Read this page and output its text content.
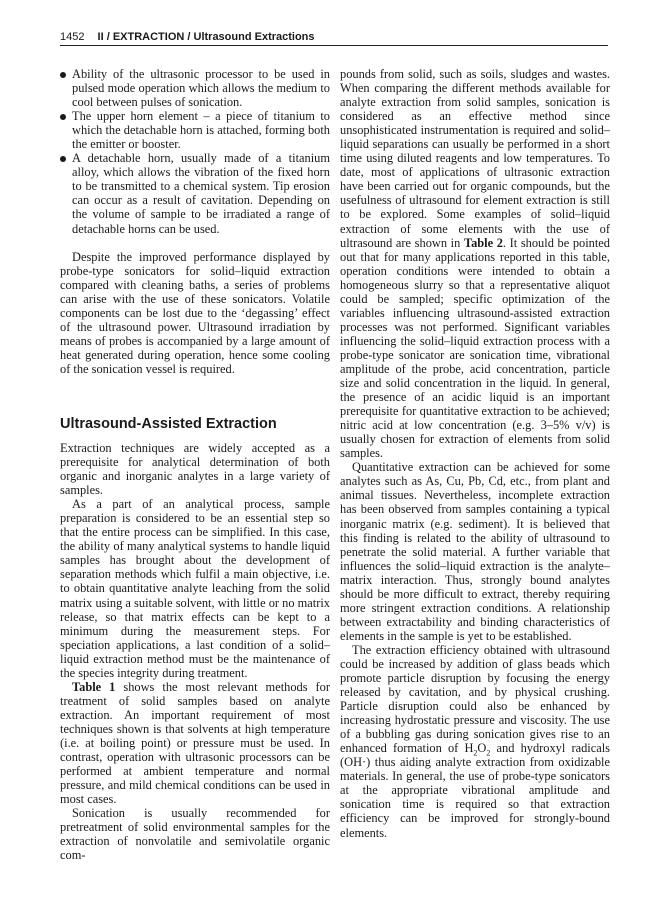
1452 II / EXTRACTION / Ultrasound Extractions
Ability of the ultrasonic processor to be used in pulsed mode operation which allows the medium to cool between pulses of sonication.
The upper horn element – a piece of titanium to which the detachable horn is attached, forming both the emitter or booster.
A detachable horn, usually made of a titanium alloy, which allows the vibration of the fixed horn to be transmitted to a chemical system. Tip erosion can occur as a result of cavitation. Depending on the volume of sample to be irradiated a range of detachable horns can be used.

Despite the improved performance displayed by probe-type sonicators for solid–liquid extraction compared with cleaning baths, a series of problems can arise with the use of these sonicators. Volatile components can be lost due to the ‘degassing’ effect of the ultrasound power. Ultrasound irradiation by means of probes is accompanied by a large amount of heat generated during operation, hence some cooling of the sonication vessel is required.

Ultrasound-Assisted Extraction

Extraction techniques are widely accepted as a prerequisite for analytical determination of both organic and inorganic analytes in a large variety of samples.

As a part of an analytical process, sample preparation is considered to be an essential step so that the entire process can be simplified. In this case, the ability of many analytical systems to handle liquid samples has brought about the development of separation methods which fulfil a main objective, i.e. to obtain quantitative analyte leaching from the solid matrix using a suitable solvent, with little or no matrix release, so that matrix effects can be kept to a minimum during the measurement steps. For speciation applications, a last condition of a solid–liquid extraction method must be the maintenance of the species integrity during treatment.

Table 1 shows the most relevant methods for treatment of solid samples based on analyte extraction. An important requirement of most techniques shown is that solvents at high temperature (i.e. at boiling point) or pressure must be used. In contrast, operation with ultrasonic processors can be performed at ambient temperature and normal pressure, and mild chemical conditions can be used in most cases.

Sonication is usually recommended for pretreatment of solid environmental samples for the extraction of nonvolatile and semivolatile organic com-

pounds from solid, such as soils, sludges and wastes. When comparing the different methods available for analyte extraction from solid samples, sonication is considered as an effective method since unsophisticated instrumentation is required and solid–liquid separations can usually be performed in a short time using diluted reagents and low temperatures. To date, most of applications of ultrasonic extraction have been carried out for organic compounds, but the usefulness of ultrasound for element extraction is still to be explored. Some examples of solid–liquid extraction of some elements with the use of ultrasound are shown in Table 2. It should be pointed out that for many applications reported in this table, operation conditions were intended to obtain a homogeneous slurry so that a representative aliquot could be sampled; specific optimization of the variables influencing ultrasound-assisted extraction processes was not performed. Significant variables influencing the solid–liquid extraction process with a probe-type sonicator are sonication time, vibrational amplitude of the probe, acid concentration, particle size and solid concentration in the liquid. In general, the presence of an acidic liquid is an important prerequisite for quantitative extraction to be achieved; nitric acid at low concentration (e.g. 3–5% v/v) is usually chosen for extraction of elements from solid samples.

Quantitative extraction can be achieved for some analytes such as As, Cu, Pb, Cd, etc., from plant and animal tissues. Nevertheless, incomplete extraction has been observed from samples containing a typical inorganic matrix (e.g. sediment). It is believed that this finding is related to the ability of ultrasound to penetrate the solid material. A further variable that influences the solid–liquid extraction is the analyte–matrix interaction. Thus, strongly bound analytes should be more difficult to extract, thereby requiring more stringent extraction conditions. A relationship between extractability and binding characteristics of elements in the sample is yet to be established.

The extraction efficiency obtained with ultrasound could be increased by addition of glass beads which promote particle disruption by focusing the energy released by cavitation, and by physical crushing. Particle disruption could also be enhanced by increasing hydrostatic pressure and viscosity. The use of a bubbling gas during sonication gives rise to an enhanced formation of $H_2O_2$ and hydroxyl radicals (OH·) thus aiding analyte extraction from oxidizable materials. In general, the use of probe-type sonicators at the appropriate vibrational amplitude and sonication time is required so that extraction efficiency can be improved for strongly-bound elements.
